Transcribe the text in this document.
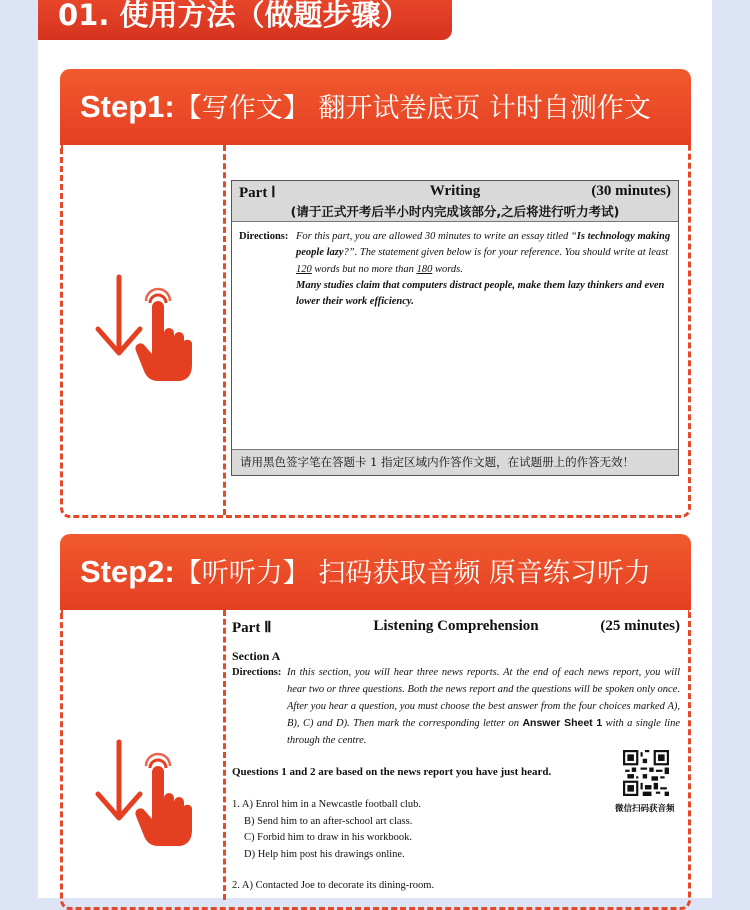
01. 使用方法（做题步骤）
Step1:【写作文】 翻开试卷底页 计时自测作文
Part Ⅰ	Writing	(30 minutes)
(请于正式开考后半小时内完成该部分,之后将进行听力考试)
Directions: For this part, you are allowed 30 minutes to write an essay titled “Is technology making people lazy?”. The statement given below is for your reference. You should write at least 120 words but no more than 180 words.
Many studies claim that computers distract people, make them lazy thinkers and even lower their work efficiency.
请用黑色签字笔在答题卡 1 指定区域内作答作文题，在试题册上的作答无效！
Step2:【听听力】 扫码获取音频 原音练习听力
Part Ⅱ	Listening Comprehension	(25 minutes)
Section A
Directions: In this section, you will hear three news reports. At the end of each news report, you will hear two or three questions. Both the news report and the questions will be spoken only once. After you hear a question, you must choose the best answer from the four choices marked A), B), C) and D). Then mark the corresponding letter on Answer Sheet 1 with a single line through the centre.
Questions 1 and 2 are based on the news report you have just heard.
1. A) Enrol him in a Newcastle football club.
B) Send him to an after-school art class.
C) Forbid him to draw in his workbook.
D) Help him post his drawings online.
2. A) Contacted Joe to decorate its dining-room.
微信扫码获音频
